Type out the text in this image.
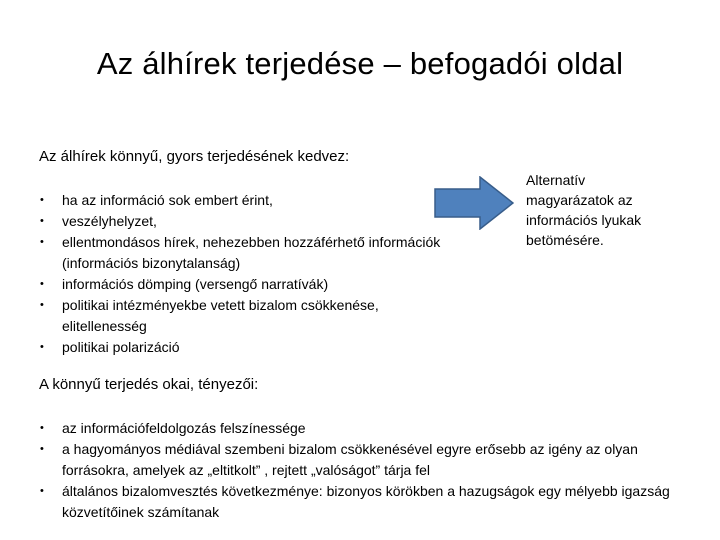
Az álhírek terjedése – befogadói oldal

Az álhírek könnyű, gyors terjedésének kedvez:

•	ha az információ sok embert érint,
•	veszélyhelyzet,
•	ellentmondásos hírek, nehezebben hozzáférhető információk (információs bizonytalanság)
•	információs dömping (versengő narratívák)
•	politikai intézményekbe vetett bizalom csökkenése, elitellenesség
•	politikai polarizáció
Alternatív magyarázatok az információs lyukak betömésére.

A könnyű terjedés okai, tényezői:

•	az információfeldolgozás felszínessége
•	a hagyományos médiával szembeni bizalom csökkenésével egyre erősebb az igény az olyan forrásokra, amelyek az „eltitkolt” , rejtett „valóságot” tárja fel
•	általános bizalomvesztés következménye: bizonyos körökben a hazugságok egy mélyebb igazság közvetítőinek számítanak
